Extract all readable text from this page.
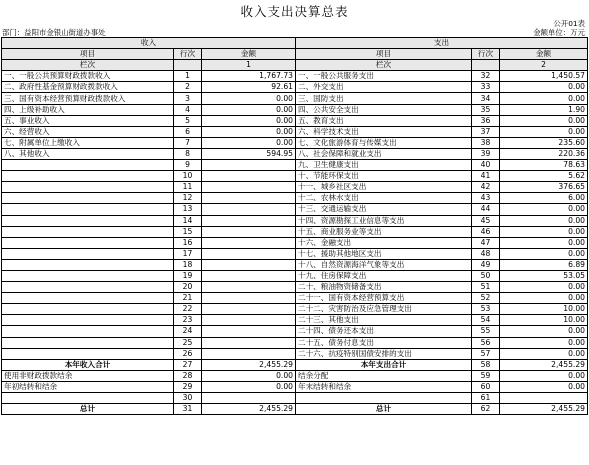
收入支出决算总表
公开01表
部门：益阳市金银山街道办事处	金额单位：万元
收入			支出		
项目	行次	金额	项目	行次	金额
栏次		1	栏次		2
一、一般公共预算财政拨款收入	1	1,767.73	一、一般公共服务支出	32	1,450.57
二、政府性基金预算财政拨款收入	2	92.61	二、外交支出	33	0.00
三、国有资本经营预算财政拨款收入	3	0.00	三、国防支出	34	0.00
四、上级补助收入	4	0.00	四、公共安全支出	35	1.90
五、事业收入	5	0.00	五、教育支出	36	0.00
六、经营收入	6	0.00	六、科学技术支出	37	0.00
七、附属单位上缴收入	7	0.00	七、文化旅游体育与传媒支出	38	235.60
八、其他收入	8	594.95	八、社会保障和就业支出	39	220.36
	9		九、卫生健康支出	40	78.63
	10		十、节能环保支出	41	5.62
	11		十一、城乡社区支出	42	376.65
	12		十二、农林水支出	43	6.00
	13		十三、交通运输支出	44	0.00
	14		十四、资源勘探工业信息等支出	45	0.00
	15		十五、商业服务业等支出	46	0.00
	16		十六、金融支出	47	0.00
	17		十七、援助其他地区支出	48	0.00
	18		十八、自然资源海洋气象等支出	49	6.89
	19		十九、住房保障支出	50	53.05
	20		二十、粮油物资储备支出	51	0.00
	21		二十一、国有资本经营预算支出	52	0.00
	22		二十二、灾害防治及应急管理支出	53	10.00
	23		二十三、其他支出	54	10.00
	24		二十四、债务还本支出	55	0.00
	25		二十五、债务付息支出	56	0.00
	26		二十六、抗疫特别国债安排的支出	57	0.00
本年收入合计	27	2,455.29	本年支出合计	58	2,455.29
使用非财政拨款结余	28	0.00	结余分配	59	0.00
年初结转和结余	29	0.00	年末结转和结余	60	0.00
	30			61	
总计	31	2,455.29	总计	62	2,455.29
